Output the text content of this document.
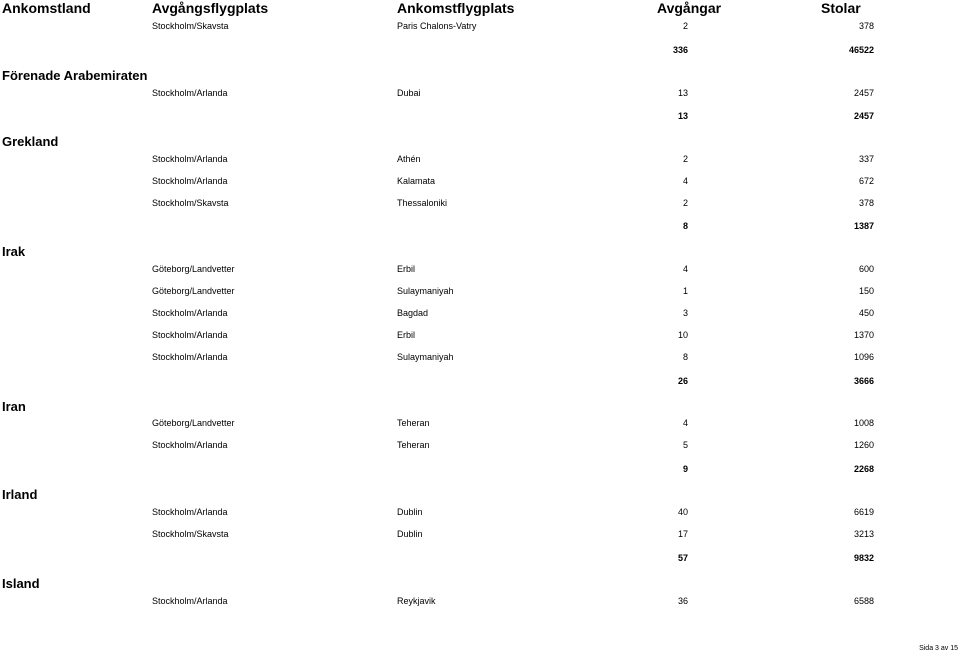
Ankomstland	Avgångsflygplats	Ankomstflygplats	Avgångar	Stolar
Stockholm/Skavsta	Paris Chalons-Vatry	2	378
336	46522
Förenade Arabemiraten
Stockholm/Arlanda	Dubai	13	2457
13	2457
Grekland
Stockholm/Arlanda	Athén	2	337
Stockholm/Arlanda	Kalamata	4	672
Stockholm/Skavsta	Thessaloniki	2	378
8	1387
Irak
Göteborg/Landvetter	Erbil	4	600
Göteborg/Landvetter	Sulaymaniyah	1	150
Stockholm/Arlanda	Bagdad	3	450
Stockholm/Arlanda	Erbil	10	1370
Stockholm/Arlanda	Sulaymaniyah	8	1096
26	3666
Iran
Göteborg/Landvetter	Teheran	4	1008
Stockholm/Arlanda	Teheran	5	1260
9	2268
Irland
Stockholm/Arlanda	Dublin	40	6619
Stockholm/Skavsta	Dublin	17	3213
57	9832
Island
Stockholm/Arlanda	Reykjavik	36	6588
Sida 3 av 15
